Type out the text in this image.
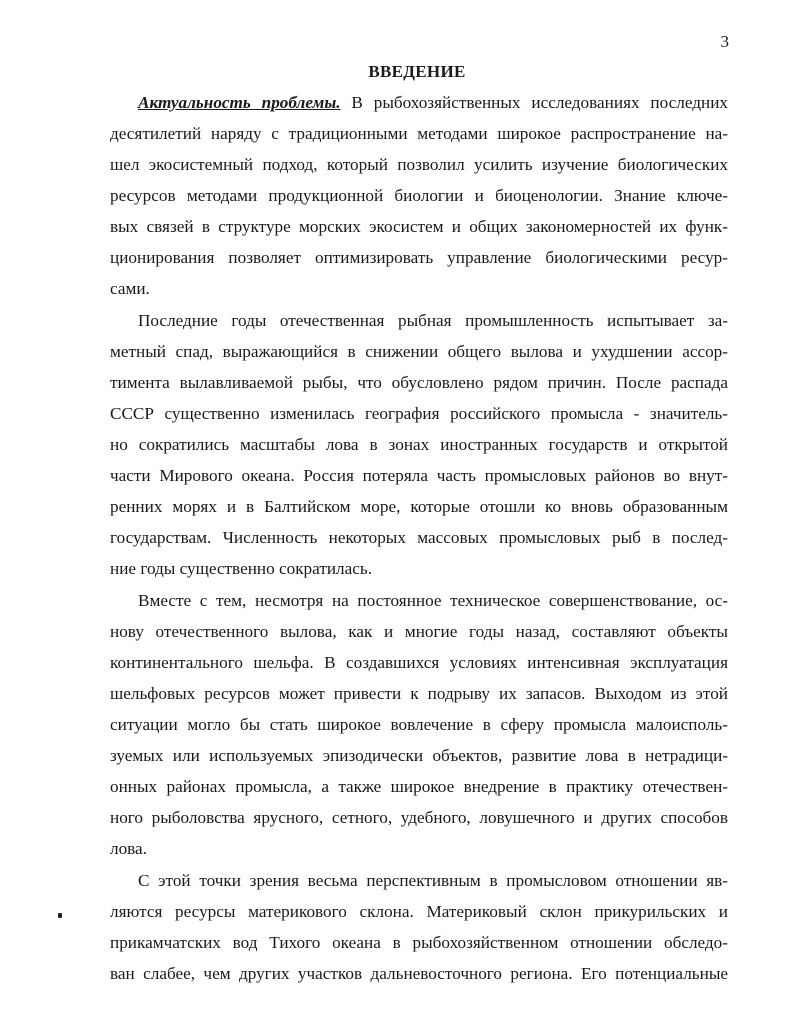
3
ВВЕДЕНИЕ
Актуальность проблемы. В рыбохозяйственных исследованиях последних
десятилетий наряду с традиционными методами широкое распространение на-
шел экосистемный подход, который позволил усилить изучение биологических
ресурсов методами продукционной биологии и биоценологии. Знание ключе-
вых связей в структуре морских экосистем и общих закономерностей их функ-
ционирования позволяет оптимизировать управление биологическими ресур-
сами.
Последние годы отечественная рыбная промышленность испытывает за-
метный спад, выражающийся в снижении общего вылова и ухудшении ассор-
тимента вылавливаемой рыбы, что обусловлено рядом причин. После распада
СССР существенно изменилась география российского промысла - значитель-
но сократились масштабы лова в зонах иностранных государств и открытой
части Мирового океана. Россия потеряла часть промысловых районов во внут-
ренних морях и в Балтийском море, которые отошли ко вновь образованным
государствам. Численность некоторых массовых промысловых рыб в послед-
ние годы существенно сократилась.
Вместе с тем, несмотря на постоянное техническое совершенствование, ос-
нову отечественного вылова, как и многие годы назад, составляют объекты
континентального шельфа. В создавшихся условиях интенсивная эксплуатация
шельфовых ресурсов может привести к подрыву их запасов. Выходом из этой
ситуации могло бы стать широкое вовлечение в сферу промысла малоисполь-
зуемых или используемых эпизодически объектов, развитие лова в нетрадици-
онных районах промысла, а также широкое внедрение в практику отечествен-
ного рыболовства ярусного, сетного, удебного, ловушечного и других способов
лова.
С этой точки зрения весьма перспективным в промысловом отношении яв-
ляются ресурсы материкового склона. Материковый склон прикурильских и
прикамчатских вод Тихого океана в рыбохозяйственном отношении обследо-
ван слабее, чем других участков дальневосточного региона. Его потенциальные
